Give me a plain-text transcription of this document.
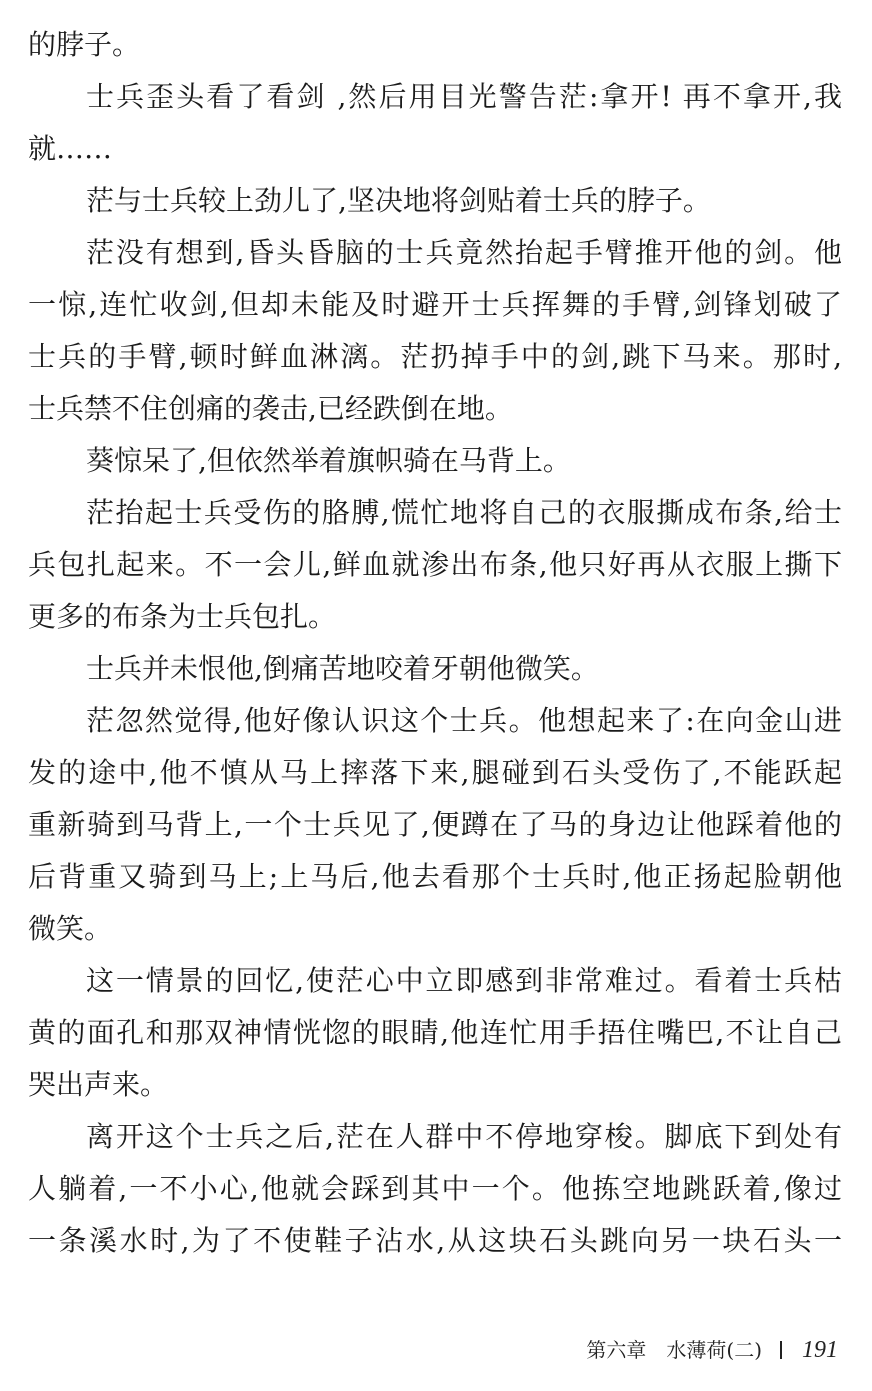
的脖子。
士兵歪头看了看剑 ,然后用目光警告茫:拿开! 再不拿开,我
就……
茫与士兵较上劲儿了,坚决地将剑贴着士兵的脖子。
茫没有想到,昏头昏脑的士兵竟然抬起手臂推开他的剑。他
一惊,连忙收剑,但却未能及时避开士兵挥舞的手臂,剑锋划破了
士兵的手臂,顿时鲜血淋漓。茫扔掉手中的剑,跳下马来。那时,
士兵禁不住创痛的袭击,已经跌倒在地。
葵惊呆了,但依然举着旗帜骑在马背上。
茫抬起士兵受伤的胳膊,慌忙地将自己的衣服撕成布条,给士
兵包扎起来。不一会儿,鲜血就渗出布条,他只好再从衣服上撕下
更多的布条为士兵包扎。
士兵并未恨他,倒痛苦地咬着牙朝他微笑。
茫忽然觉得,他好像认识这个士兵。他想起来了:在向金山进
发的途中,他不慎从马上摔落下来,腿碰到石头受伤了,不能跃起
重新骑到马背上,一个士兵见了,便蹲在了马的身边让他踩着他的
后背重又骑到马上;上马后,他去看那个士兵时,他正扬起脸朝他
微笑。
这一情景的回忆,使茫心中立即感到非常难过。看着士兵枯
黄的面孔和那双神情恍惚的眼睛,他连忙用手捂住嘴巴,不让自己
哭出声来。
离开这个士兵之后,茫在人群中不停地穿梭。脚底下到处有
人躺着,一不小心,他就会踩到其中一个。他拣空地跳跃着,像过
一条溪水时,为了不使鞋子沾水,从这块石头跳向另一块石头一
第六章 水薄荷(二) 191
